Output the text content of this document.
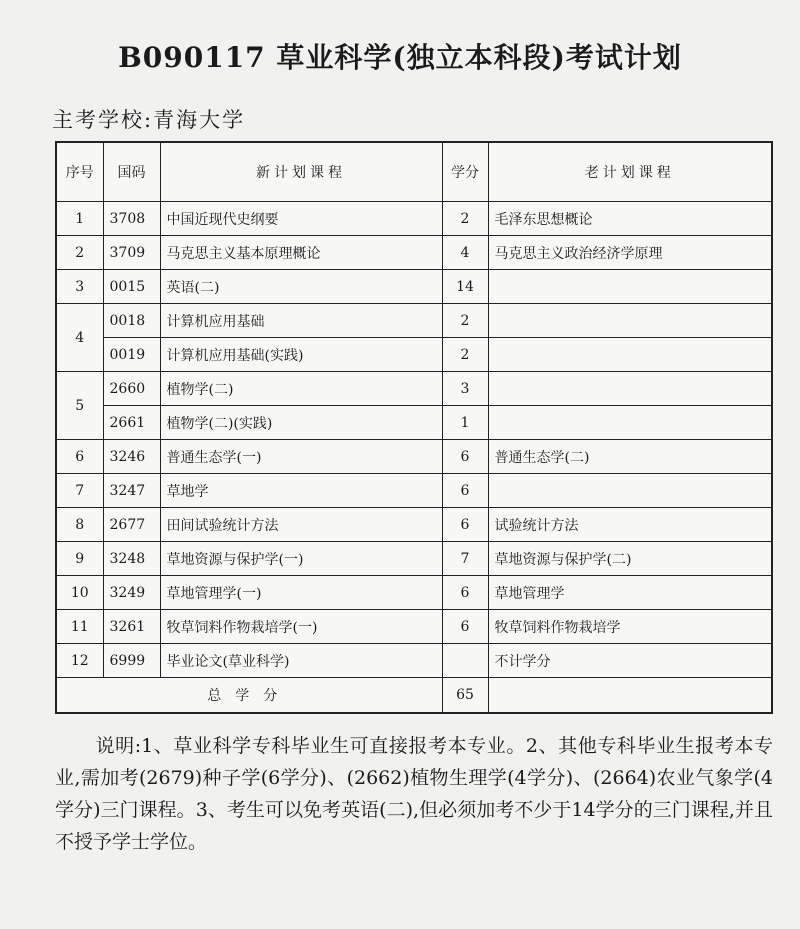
B090117 草业科学(独立本科段)考试计划
主考学校:青海大学
序号	国码	新计划课程	学分	老计划课程
1	3708	中国近现代史纲要	2	毛泽东思想概论
2	3709	马克思主义基本原理概论	4	马克思主义政治经济学原理
3	0015	英语(二)	14	
4	0018	计算机应用基础	2	
	0019	计算机应用基础(实践)	2	
5	2660	植物学(二)	3	
	2661	植物学(二)(实践)	1	
6	3246	普通生态学(一)	6	普通生态学(二)
7	3247	草地学	6	
8	2677	田间试验统计方法	6	试验统计方法
9	3248	草地资源与保护学(一)	7	草地资源与保护学(二)
10	3249	草地管理学(一)	6	草地管理学
11	3261	牧草饲料作物栽培学(一)	6	牧草饲料作物栽培学
12	6999	毕业论文(草业科学)		不计学分
总学分			65	
说明:1、草业科学专科毕业生可直接报考本专业。2、其他专科毕业生报考本专业,需加考(2679)种子学(6学分)、(2662)植物生理学(4学分)、(2664)农业气象学(4学分)三门课程。3、考生可以免考英语(二),但必须加考不少于14学分的三门课程,并且不授予学士学位。
